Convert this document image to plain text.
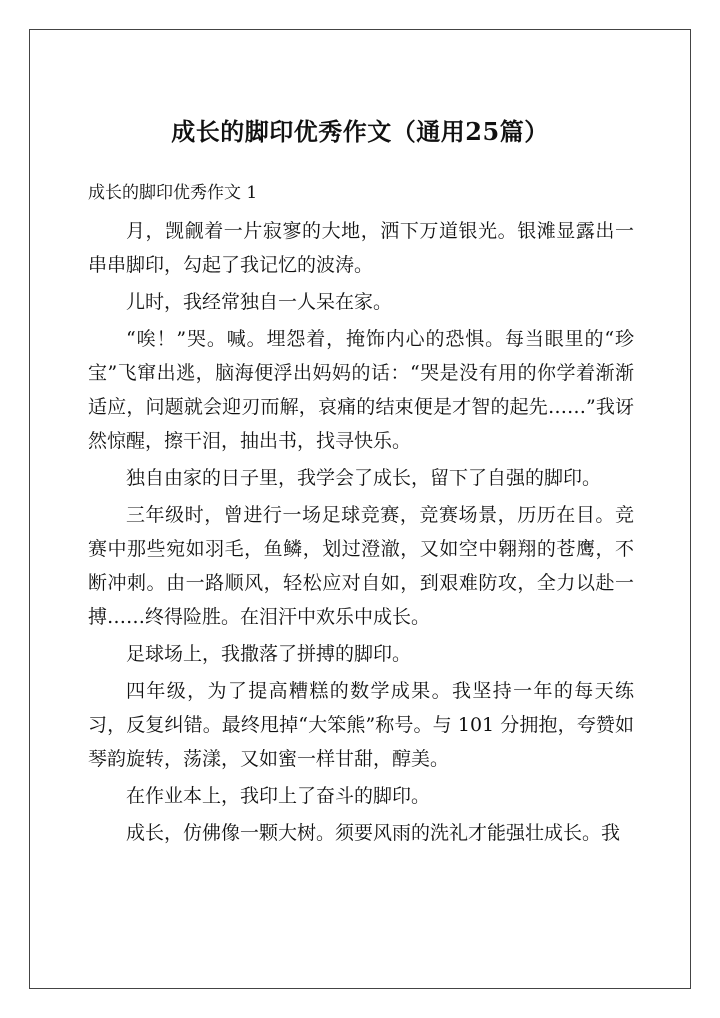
成长的脚印优秀作文（通用25篇）
成长的脚印优秀作文 1

月，觊觎着一片寂寥的大地，洒下万道银光。银滩显露出一串串脚印，勾起了我记忆的波涛。

儿时，我经常独自一人呆在家。

“唉！”哭。喊。埋怨着，掩饰内心的恐惧。每当眼里的“珍宝”飞窜出逃，脑海便浮出妈妈的话：“哭是没有用的你学着渐渐适应，问题就会迎刃而解，哀痛的结束便是才智的起先……”我讶然惊醒，擦干泪，抽出书，找寻快乐。

独自由家的日子里，我学会了成长，留下了自强的脚印。

三年级时，曾进行一场足球竞赛，竞赛场景，历历在目。竞赛中那些宛如羽毛，鱼鳞，划过澄澈，又如空中翱翔的苍鹰，不断冲刺。由一路顺风，轻松应对自如，到艰难防攻，全力以赴一搏……终得险胜。在泪汗中欢乐中成长。

足球场上，我撒落了拼搏的脚印。

四年级，为了提高糟糕的数学成果。我坚持一年的每天练习，反复纠错。最终甩掉“大笨熊”称号。与 101 分拥抱，夸赞如琴韵旋转，荡漾，又如蜜一样甘甜，醇美。

在作业本上，我印上了奋斗的脚印。

成长，仿佛像一颗大树。须要风雨的洗礼才能强壮成长。我
